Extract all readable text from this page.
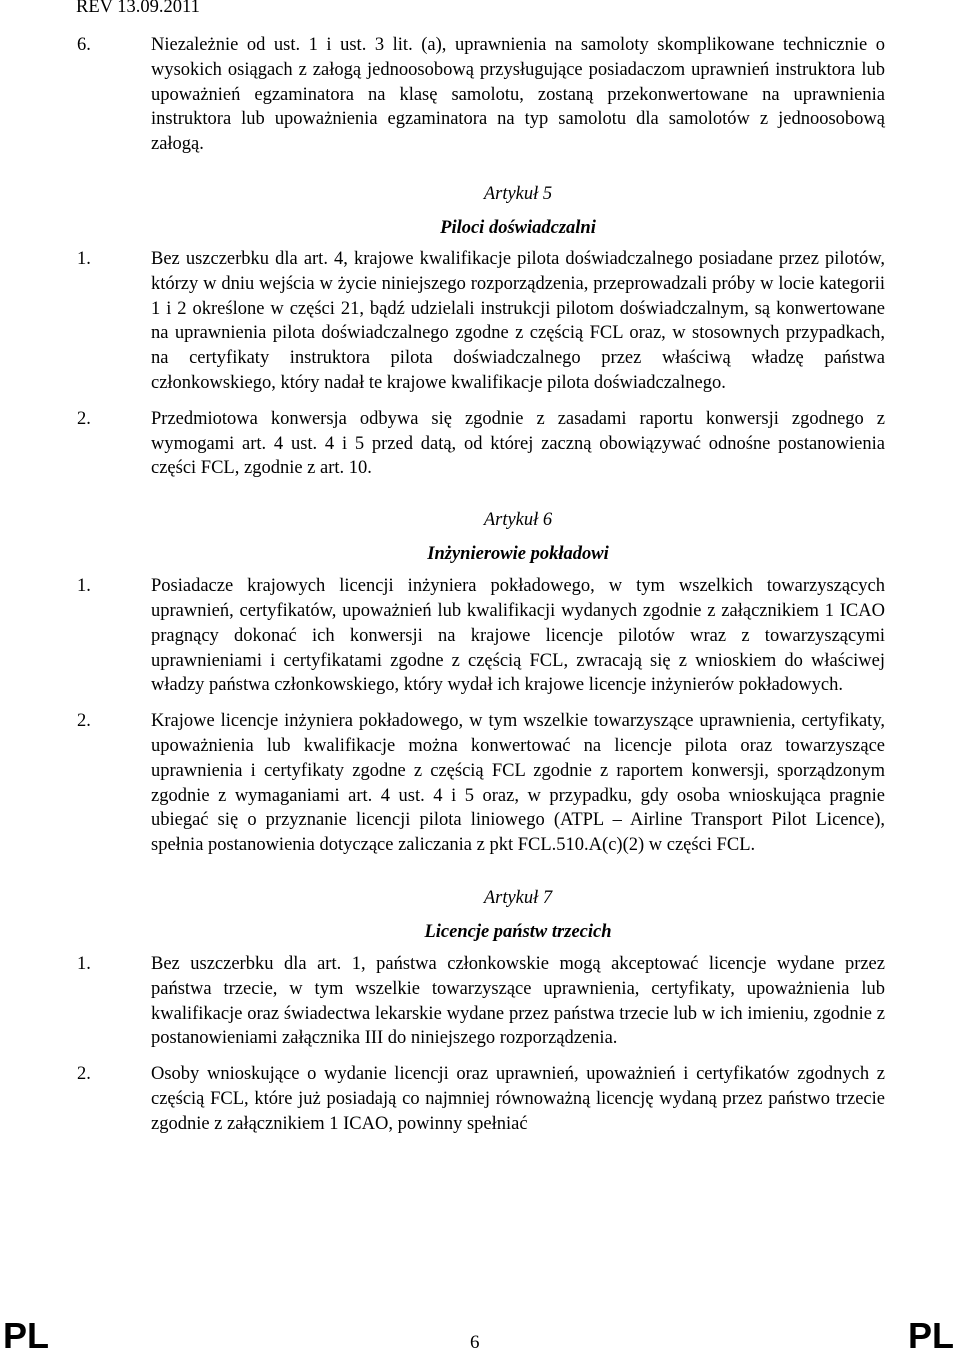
REV 13.09.2011

6.	Niezależnie od ust. 1 i ust. 3 lit. (a), uprawnienia na samoloty skomplikowane technicznie o wysokich osiągach z załogą jednoosobową przysługujące posiadaczom uprawnień instruktora lub upoważnień egzaminatora na klasę samolotu, zostaną przekonwertowane na uprawnienia instruktora lub upoważnienia egzaminatora na typ samolotu dla samolotów z jednoosobową załogą.

Artykuł 5
Piloci doświadczalni

1.	Bez uszczerbku dla art. 4, krajowe kwalifikacje pilota doświadczalnego posiadane przez pilotów, którzy w dniu wejścia w życie niniejszego rozporządzenia, przeprowadzali próby w locie kategorii 1 i 2 określone w części 21, bądź udzielali instrukcji pilotom doświadczalnym, są konwertowane na uprawnienia pilota doświadczalnego zgodne z częścią FCL oraz, w stosownych przypadkach, na certyfikaty instruktora pilota doświadczalnego przez właściwą władzę państwa członkowskiego, który nadał te krajowe kwalifikacje pilota doświadczalnego.

2.	Przedmiotowa konwersja odbywa się zgodnie z zasadami raportu konwersji zgodnego z wymogami art. 4 ust. 4 i 5 przed datą, od której zaczną obowiązywać odnośne postanowienia części FCL, zgodnie z art. 10.

Artykuł 6
Inżynierowie pokładowi

1.	Posiadacze krajowych licencji inżyniera pokładowego, w tym wszelkich towarzyszących uprawnień, certyfikatów, upoważnień lub kwalifikacji wydanych zgodnie z załącznikiem 1 ICAO pragnący dokonać ich konwersji na krajowe licencje pilotów wraz z towarzyszącymi uprawnieniami i certyfikatami zgodne z częścią FCL, zwracają się z wnioskiem do właściwej władzy państwa członkowskiego, który wydał ich krajowe licencje inżynierów pokładowych.

2.	Krajowe licencje inżyniera pokładowego, w tym wszelkie towarzyszące uprawnienia, certyfikaty, upoważnienia lub kwalifikacje można konwertować na licencje pilota oraz towarzyszące uprawnienia i certyfikaty zgodne z częścią FCL zgodnie z raportem konwersji, sporządzonym zgodnie z wymaganiami art. 4 ust. 4 i 5 oraz, w przypadku, gdy osoba wnioskująca pragnie ubiegać się o przyznanie licencji pilota liniowego (ATPL – Airline Transport Pilot Licence), spełnia postanowienia dotyczące zaliczania z pkt FCL.510.A(c)(2) w części FCL.

Artykuł 7
Licencje państw trzecich

1.	Bez uszczerbku dla art. 1, państwa członkowskie mogą akceptować licencje wydane przez państwa trzecie, w tym wszelkie towarzyszące uprawnienia, certyfikaty, upoważnienia lub kwalifikacje oraz świadectwa lekarskie wydane przez państwa trzecie lub w ich imieniu, zgodnie z postanowieniami załącznika III do niniejszego rozporządzenia.

2.	Osoby wnioskujące o wydanie licencji oraz uprawnień, upoważnień i certyfikatów zgodnych z częścią FCL, które już posiadają co najmniej równoważną licencję wydaną przez państwo trzecie zgodnie z załącznikiem 1 ICAO, powinny spełniać

PL	6	PL
